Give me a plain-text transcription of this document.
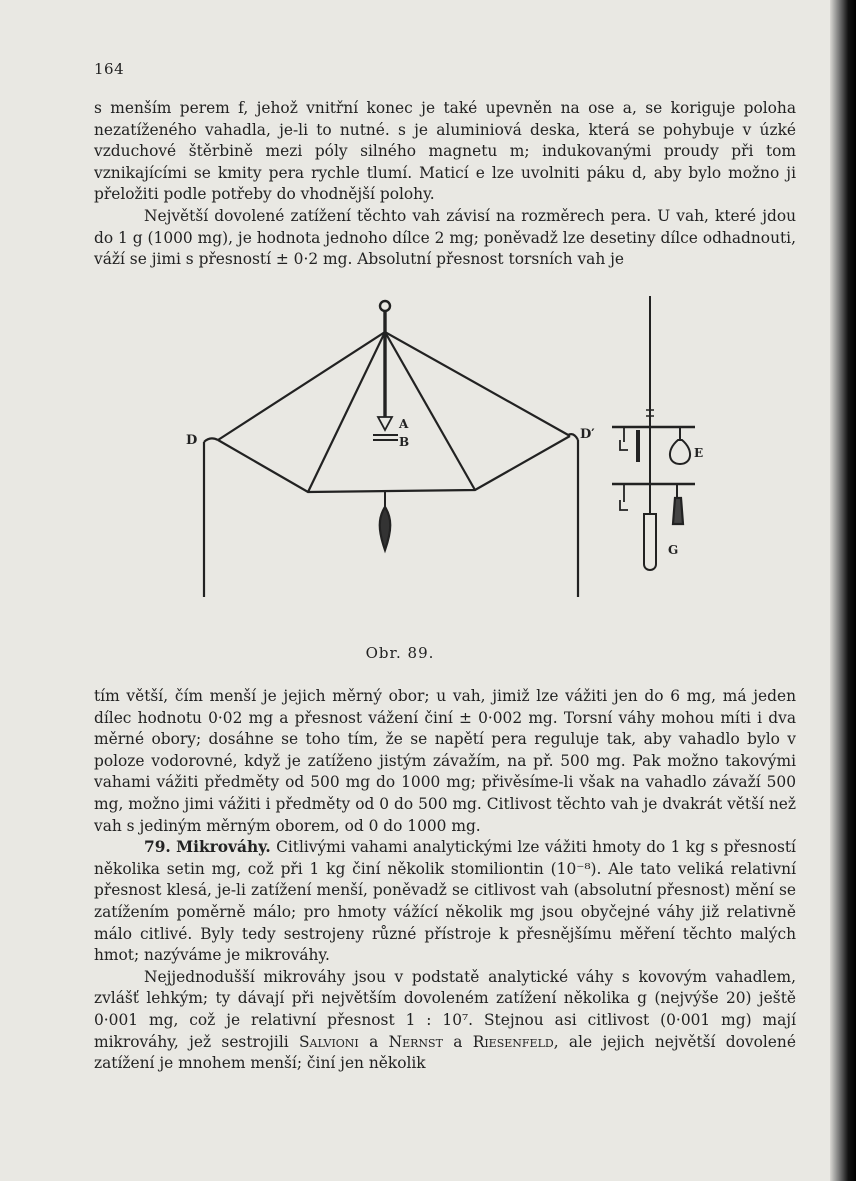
164

s menším perem f, jehož vnitřní konec je také upevněn na ose a, se koriguje poloha nezatíženého vahadla, je-li to nutné. s je aluminiová deska, která se pohybuje v úzké vzduchové štěrbině mezi póly silného magnetu m; indukovanými proudy při tom vznikajícími se kmity pera rychle tlumí. Maticí e lze uvolniti páku d, aby bylo možno ji přeložiti podle potřeby do vhodnější polohy.

Největší dovolené zatížení těchto vah závisí na rozměrech pera. U vah, které jdou do 1 g (1000 mg), je hodnota jednoho dílce 2 mg; poněvadž lze desetiny dílce odhadnouti, váží se jimi s přesností ± 0·2 mg. Absolutní přesnost torsních vah je

D	D′
A
B
E
G
Obr. 89.

tím větší, čím menší je jejich měrný obor; u vah, jimiž lze vážiti jen do 6 mg, má jeden dílec hodnotu 0·02 mg a přesnost vážení činí ± 0·002 mg. Torsní váhy mohou míti i dva měrné obory; dosáhne se toho tím, že se napětí pera reguluje tak, aby vahadlo bylo v poloze vodorovné, když je zatíženo jistým závažím, na př. 500 mg. Pak možno takovými vahami vážiti předměty od 500 mg do 1000 mg; přivěsíme-li však na vahadlo závaží 500 mg, možno jimi vážiti i předměty od 0 do 500 mg. Citlivost těchto vah je dvakrát větší než vah s jediným měrným oborem, od 0 do 1000 mg.

79. Mikrováhy. Citlivými vahami analytickými lze vážiti hmoty do 1 kg s přesností několika setin mg, což při 1 kg činí několik stomiliontin (10⁻⁸). Ale tato veliká relativní přesnost klesá, je-li zatížení menší, poněvadž se citlivost vah (absolutní přesnost) mění se zatížením poměrně málo; pro hmoty vážící několik mg jsou obyčejné váhy již relativně málo citlivé. Byly tedy sestrojeny různé přístroje k přesnějšímu měření těchto malých hmot; nazýváme je mikrováhy.

Nejjednodušší mikrováhy jsou v podstatě analytické váhy s kovovým vahadlem, zvlášť lehkým; ty dávají při největším dovoleném zatížení několika g (nejvýše 20) ještě 0·001 mg, což je relativní přesnost 1 : 10⁷. Stejnou asi citlivost (0·001 mg) mají mikrováhy, jež sestrojili Salvioni a Nernst a Riesenfeld, ale jejich největší dovolené zatížení je mnohem menší; činí jen několik
